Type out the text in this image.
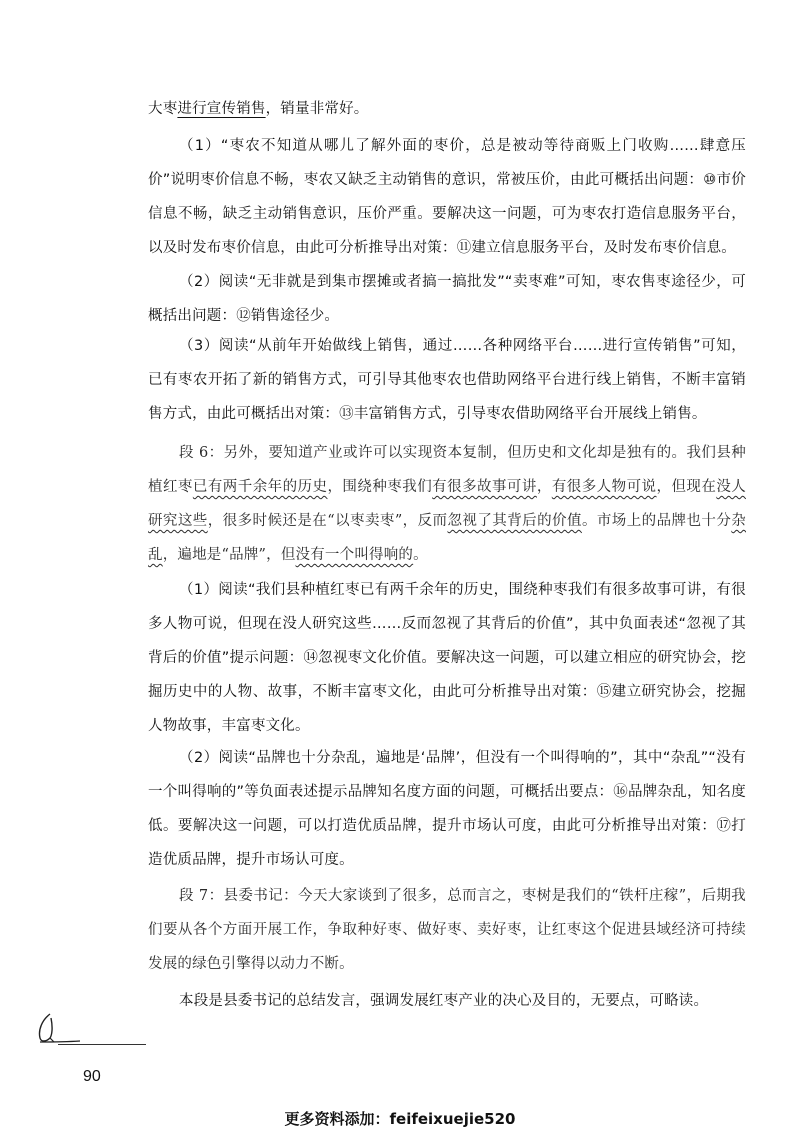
大枣进行宣传销售，销量非常好。
（1）“枣农不知道从哪儿了解外面的枣价，总是被动等待商贩上门收购……肆意压价”说明枣价信息不畅，枣农又缺乏主动销售的意识，常被压价，由此可概括出问题：⑩市价信息不畅，缺乏主动销售意识，压价严重。要解决这一问题，可为枣农打造信息服务平台，以及时发布枣价信息，由此可分析推导出对策：⑪建立信息服务平台，及时发布枣价信息。
（2）阅读“无非就是到集市摆摊或者搞一搞批发”“卖枣难”可知，枣农售枣途径少，可概括出问题：⑫销售途径少。
（3）阅读“从前年开始做线上销售，通过……各种网络平台……进行宣传销售”可知，已有枣农开拓了新的销售方式，可引导其他枣农也借助网络平台进行线上销售，不断丰富销售方式，由此可概括出对策：⑬丰富销售方式，引导枣农借助网络平台开展线上销售。
段 6：另外，要知道产业或许可以实现资本复制，但历史和文化却是独有的。我们县种植红枣已有两千余年的历史，围绕种枣我们有很多故事可讲，有很多人物可说，但现在没人研究这些，很多时候还是在“以枣卖枣”，反而忽视了其背后的价值。市场上的品牌也十分杂乱，遍地是“品牌”，但没有一个叫得响的。
（1）阅读“我们县种植红枣已有两千余年的历史，围绕种枣我们有很多故事可讲，有很多人物可说，但现在没人研究这些……反而忽视了其背后的价值”，其中负面表述“忽视了其背后的价值”提示问题：⑭忽视枣文化价值。要解决这一问题，可以建立相应的研究协会，挖掘历史中的人物、故事，不断丰富枣文化，由此可分析推导出对策：⑮建立研究协会，挖掘人物故事，丰富枣文化。
（2）阅读“品牌也十分杂乱，遍地是‘品牌’，但没有一个叫得响的”，其中“杂乱”“没有一个叫得响的”等负面表述提示品牌知名度方面的问题，可概括出要点：⑯品牌杂乱，知名度低。要解决这一问题，可以打造优质品牌，提升市场认可度，由此可分析推导出对策：⑰打造优质品牌，提升市场认可度。
段 7：县委书记：今天大家谈到了很多，总而言之，枣树是我们的“铁杆庄稼”，后期我们要从各个方面开展工作，争取种好枣、做好枣、卖好枣，让红枣这个促进县域经济可持续发展的绿色引擎得以动力不断。
本段是县委书记的总结发言，强调发展红枣产业的决心及目的，无要点，可略读。
90
更多资料添加：feifeixuejie520
